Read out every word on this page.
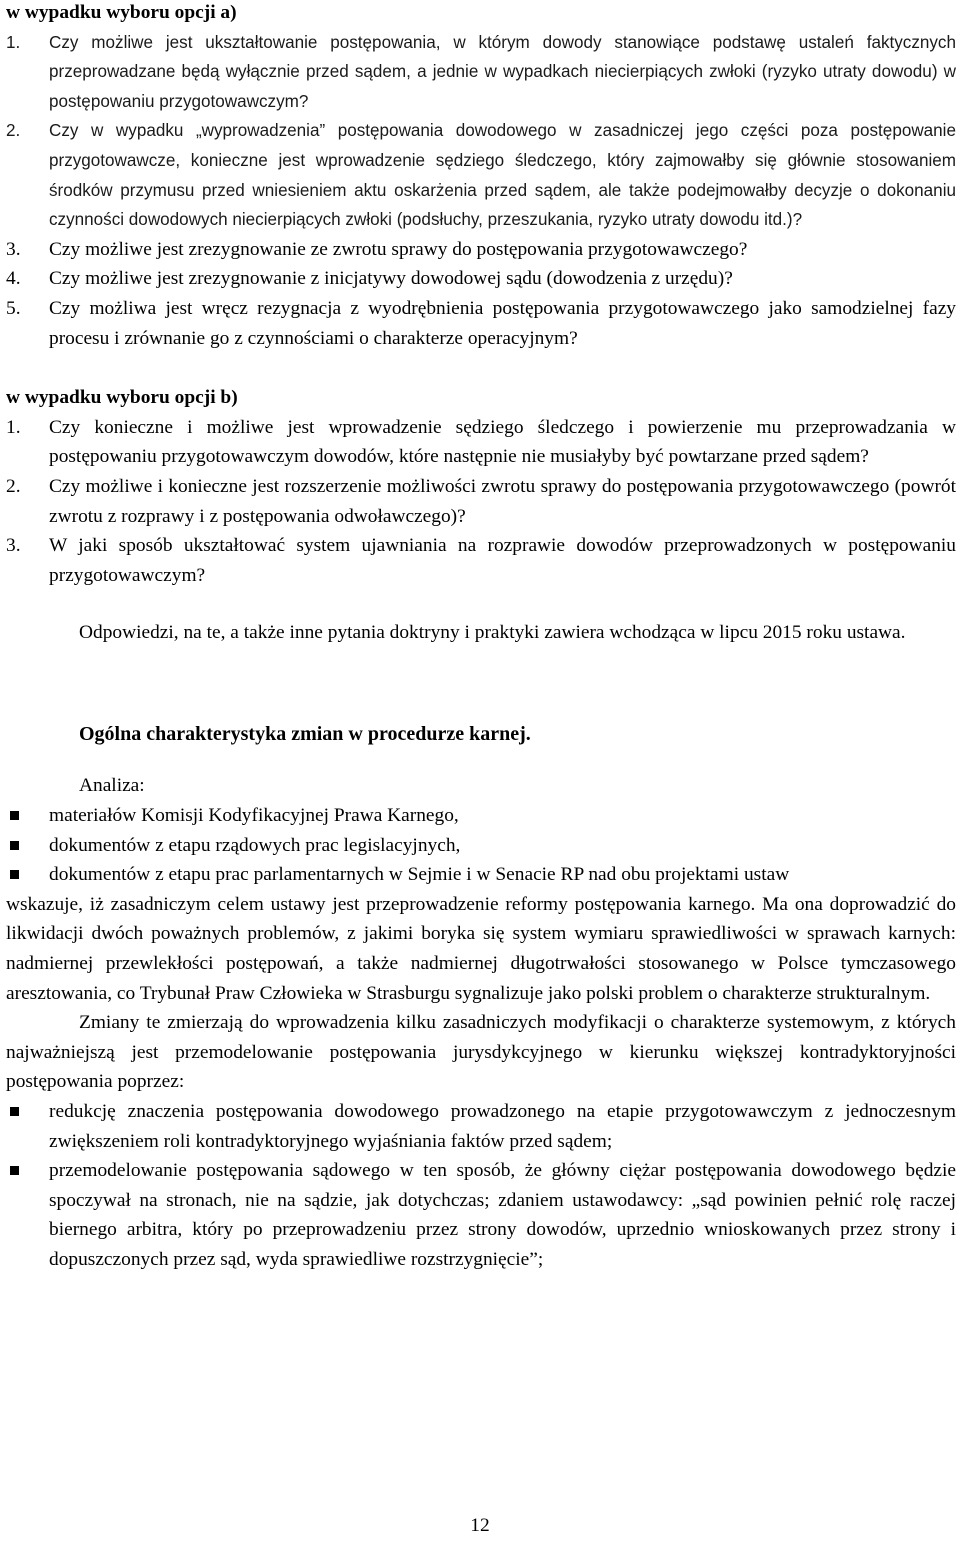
w wypadku wyboru opcji a)

1.	Czy możliwe jest ukształtowanie postępowania, w którym dowody stanowiące podstawę ustaleń faktycznych przeprowadzane będą wyłącznie przed sądem, a jednie w wypadkach niecierpiących zwłoki (ryzyko utraty dowodu) w postępowaniu przygotowawczym?
2.	Czy w wypadku „wyprowadzenia” postępowania dowodowego w zasadniczej jego części poza postępowanie przygotowawcze, konieczne jest wprowadzenie sędziego śledczego, który zajmowałby się głównie stosowaniem środków przymusu przed wniesieniem aktu oskarżenia przed sądem, ale także podejmowałby decyzje o dokonaniu czynności dowodowych niecierpiących zwłoki (podsłuchy, przeszukania, ryzyko utraty dowodu itd.)?
3.	Czy możliwe jest zrezygnowanie ze zwrotu sprawy do postępowania przygotowawczego?
4.	Czy możliwe jest zrezygnowanie z inicjatywy dowodowej sądu (dowodzenia z urzędu)?
5.	Czy możliwa jest wręcz rezygnacja z wyodrębnienia postępowania przygotowawczego jako samodzielnej fazy procesu i zrównanie go z czynnościami o charakterze operacyjnym?

w wypadku wyboru opcji b)

1.	Czy konieczne i możliwe jest wprowadzenie sędziego śledczego i powierzenie mu przeprowadzania w postępowaniu przygotowawczym dowodów, które następnie nie musiałyby być powtarzane przed sądem?
2.	Czy możliwe i konieczne jest rozszerzenie możliwości zwrotu sprawy do postępowania przygotowawczego (powrót zwrotu z rozprawy i z postępowania odwoławczego)?
3.	W jaki sposób ukształtować system ujawniania na rozprawie dowodów przeprowadzonych w postępowaniu przygotowawczym?

Odpowiedzi, na te, a także inne pytania doktryny i praktyki zawiera wchodząca w lipcu 2015 roku ustawa.

Ogólna charakterystyka zmian w procedurze karnej.

Analiza:

materiałów Komisji Kodyfikacyjnej Prawa Karnego,
dokumentów z etapu rządowych prac legislacyjnych,
dokumentów z etapu prac parlamentarnych w Sejmie i w Senacie RP nad obu projektami ustaw

wskazuje, iż zasadniczym celem ustawy jest przeprowadzenie reformy postępowania karnego. Ma ona doprowadzić do likwidacji dwóch poważnych problemów, z jakimi boryka się system wymiaru sprawiedliwości w sprawach karnych: nadmiernej przewlekłości postępowań, a także nadmiernej długotrwałości stosowanego w Polsce tymczasowego aresztowania, co Trybunał Praw Człowieka w Strasburgu sygnalizuje jako polski problem o charakterze strukturalnym.

Zmiany te zmierzają do wprowadzenia kilku zasadniczych modyfikacji o charakterze systemowym, z których najważniejszą jest przemodelowanie postępowania jurysdykcyjnego w kierunku większej kontradyktoryjności postępowania poprzez:

redukcję znaczenia postępowania dowodowego prowadzonego na etapie przygotowawczym z jednoczesnym zwiększeniem roli kontradyktoryjnego wyjaśniania faktów przed sądem;
przemodelowanie postępowania sądowego w ten sposób, że główny ciężar postępowania dowodowego będzie spoczywał na stronach, nie na sądzie, jak dotychczas; zdaniem ustawodawcy: „sąd powinien pełnić rolę raczej biernego arbitra, który po przeprowadzeniu przez strony dowodów, uprzednio wnioskowanych przez strony i dopuszczonych przez sąd, wyda sprawiedliwe rozstrzygnięcie”;
12
